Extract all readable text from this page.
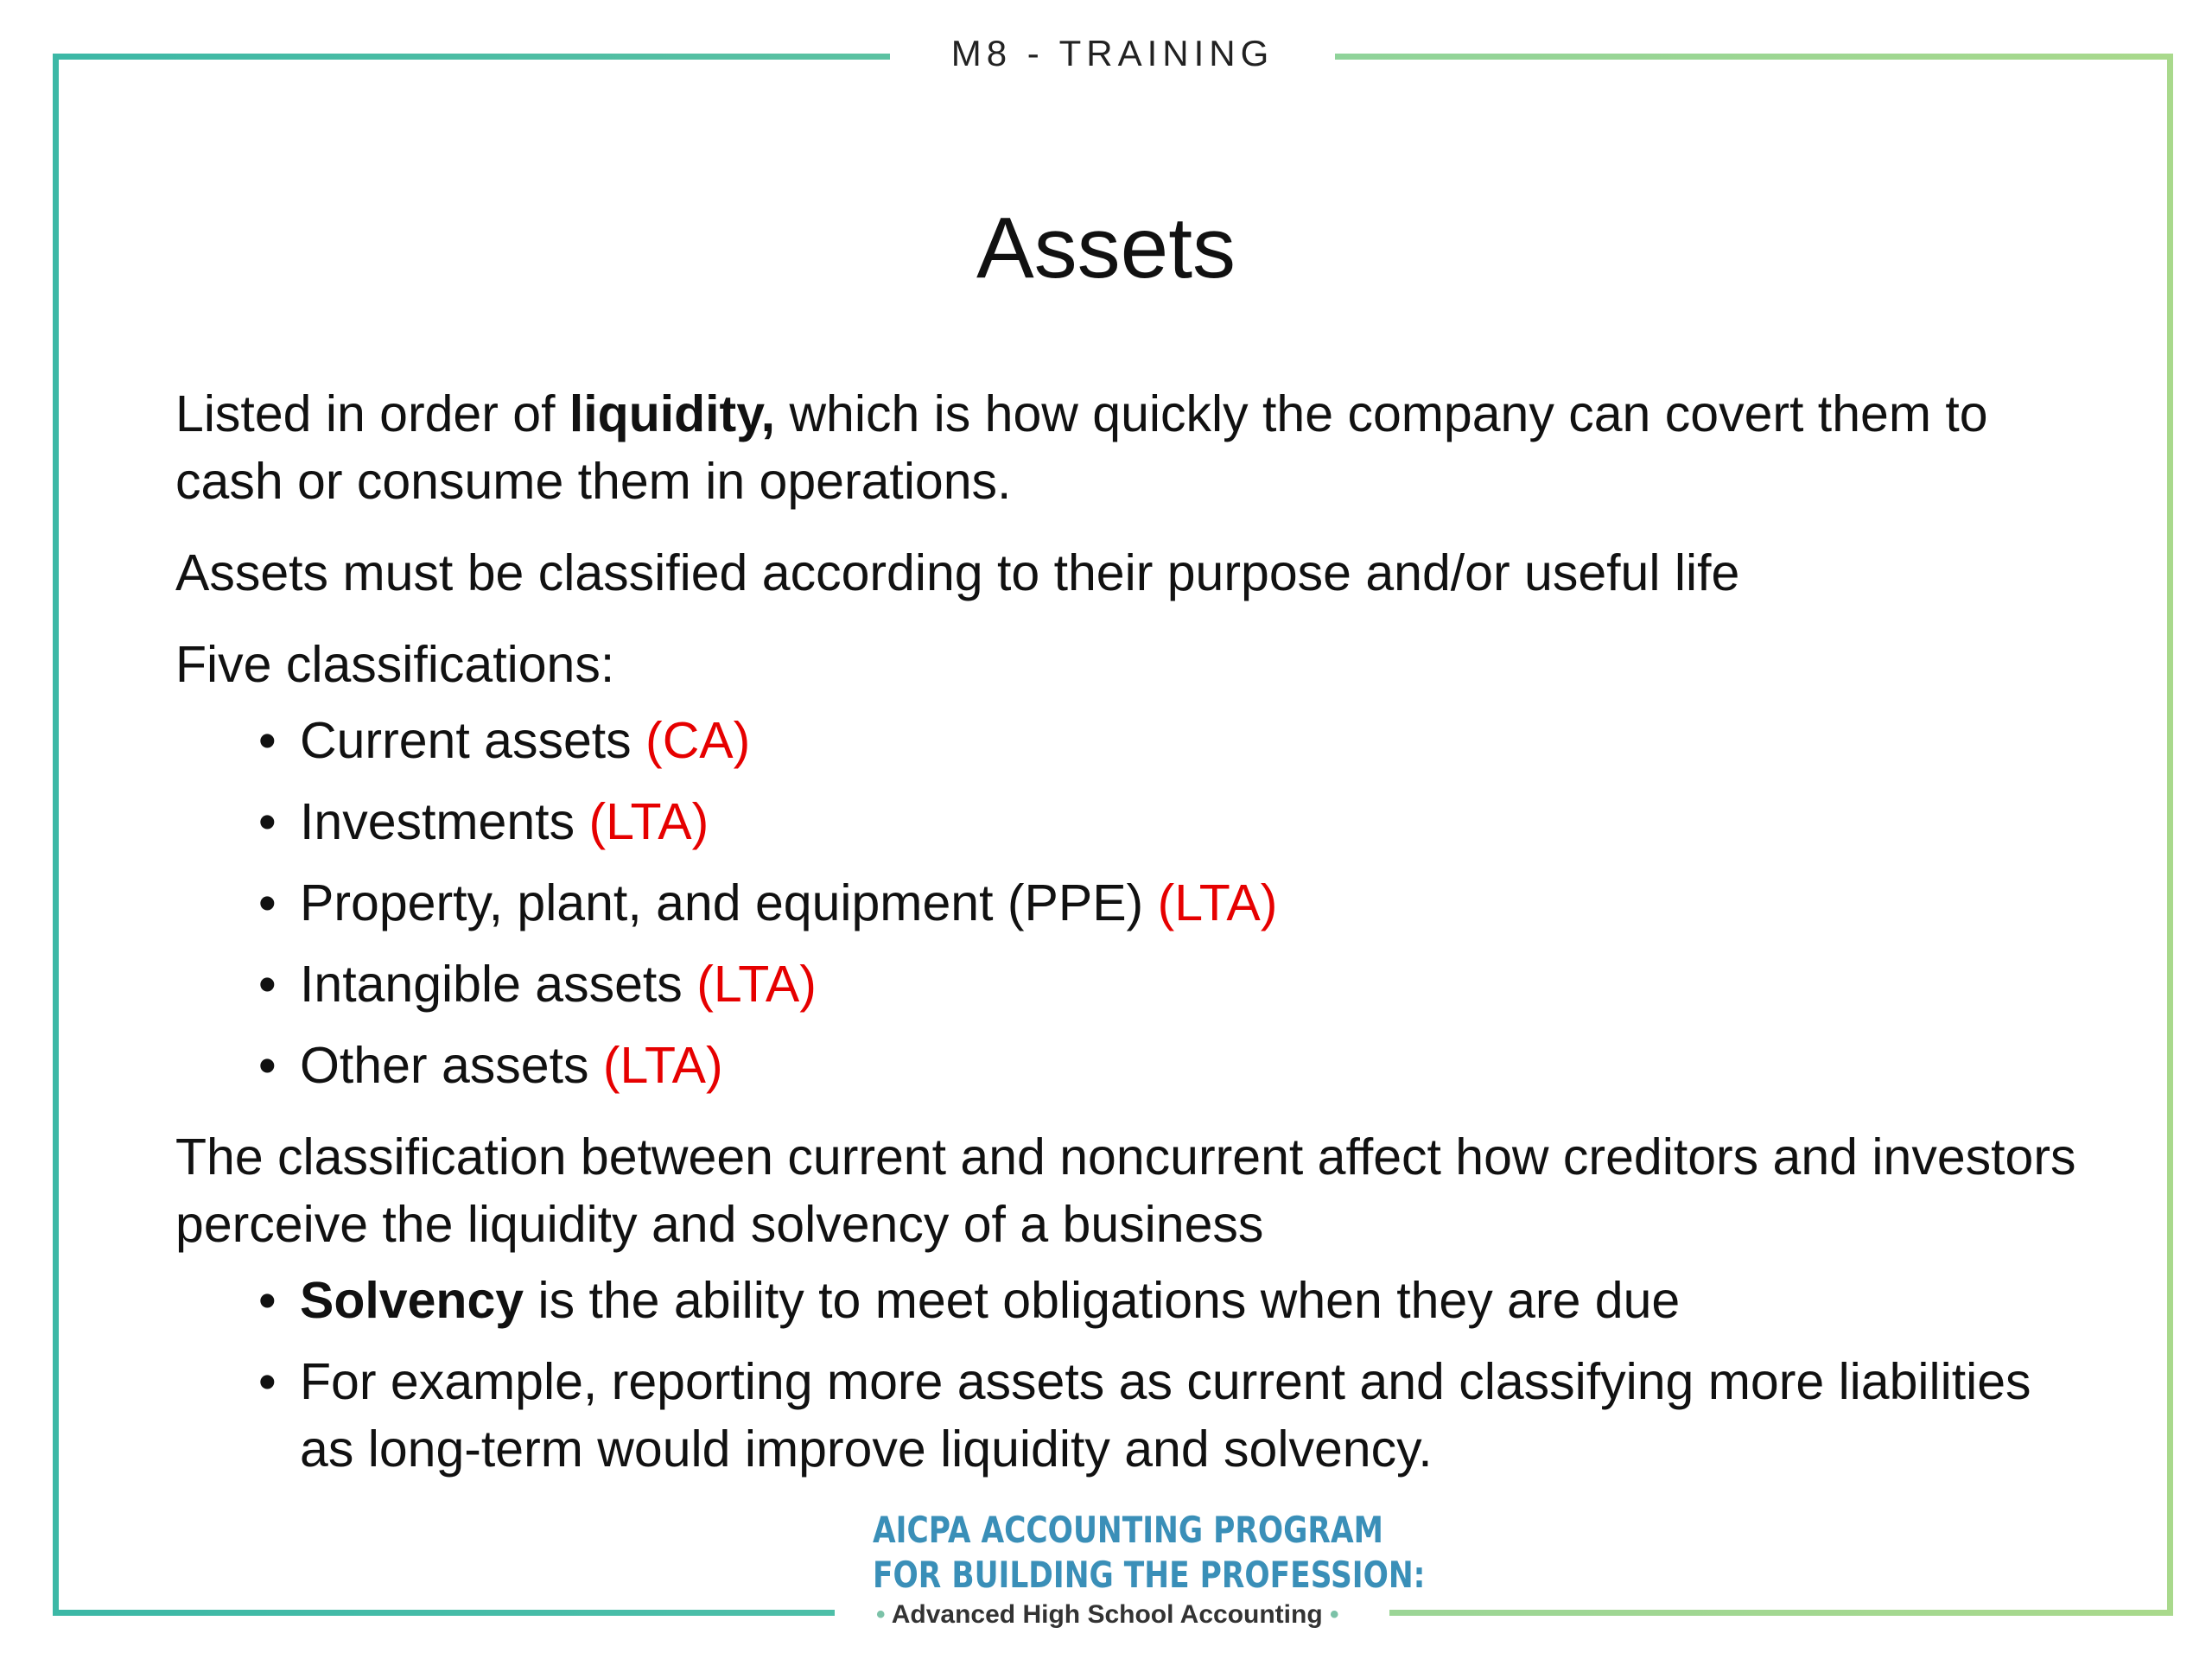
M8 - TRAINING
Assets

Listed in order of liquidity, which is how quickly the company can covert them to cash or consume them in operations.

Assets must be classified according to their purpose and/or useful life

Five classifications:

• Current assets (CA)
• Investments (LTA)
• Property, plant, and equipment (PPE) (LTA)
• Intangible assets (LTA)
• Other assets (LTA)

The classification between current and noncurrent affect how creditors and investors perceive the liquidity and solvency of a business

• Solvency is the ability to meet obligations when they are due
• For example, reporting more assets as current and classifying more liabilities as long-term would improve liquidity and solvency.
AICPA ACCOUNTING PROGRAM
FOR BUILDING THE PROFESSION:
• Advanced High School Accounting •
